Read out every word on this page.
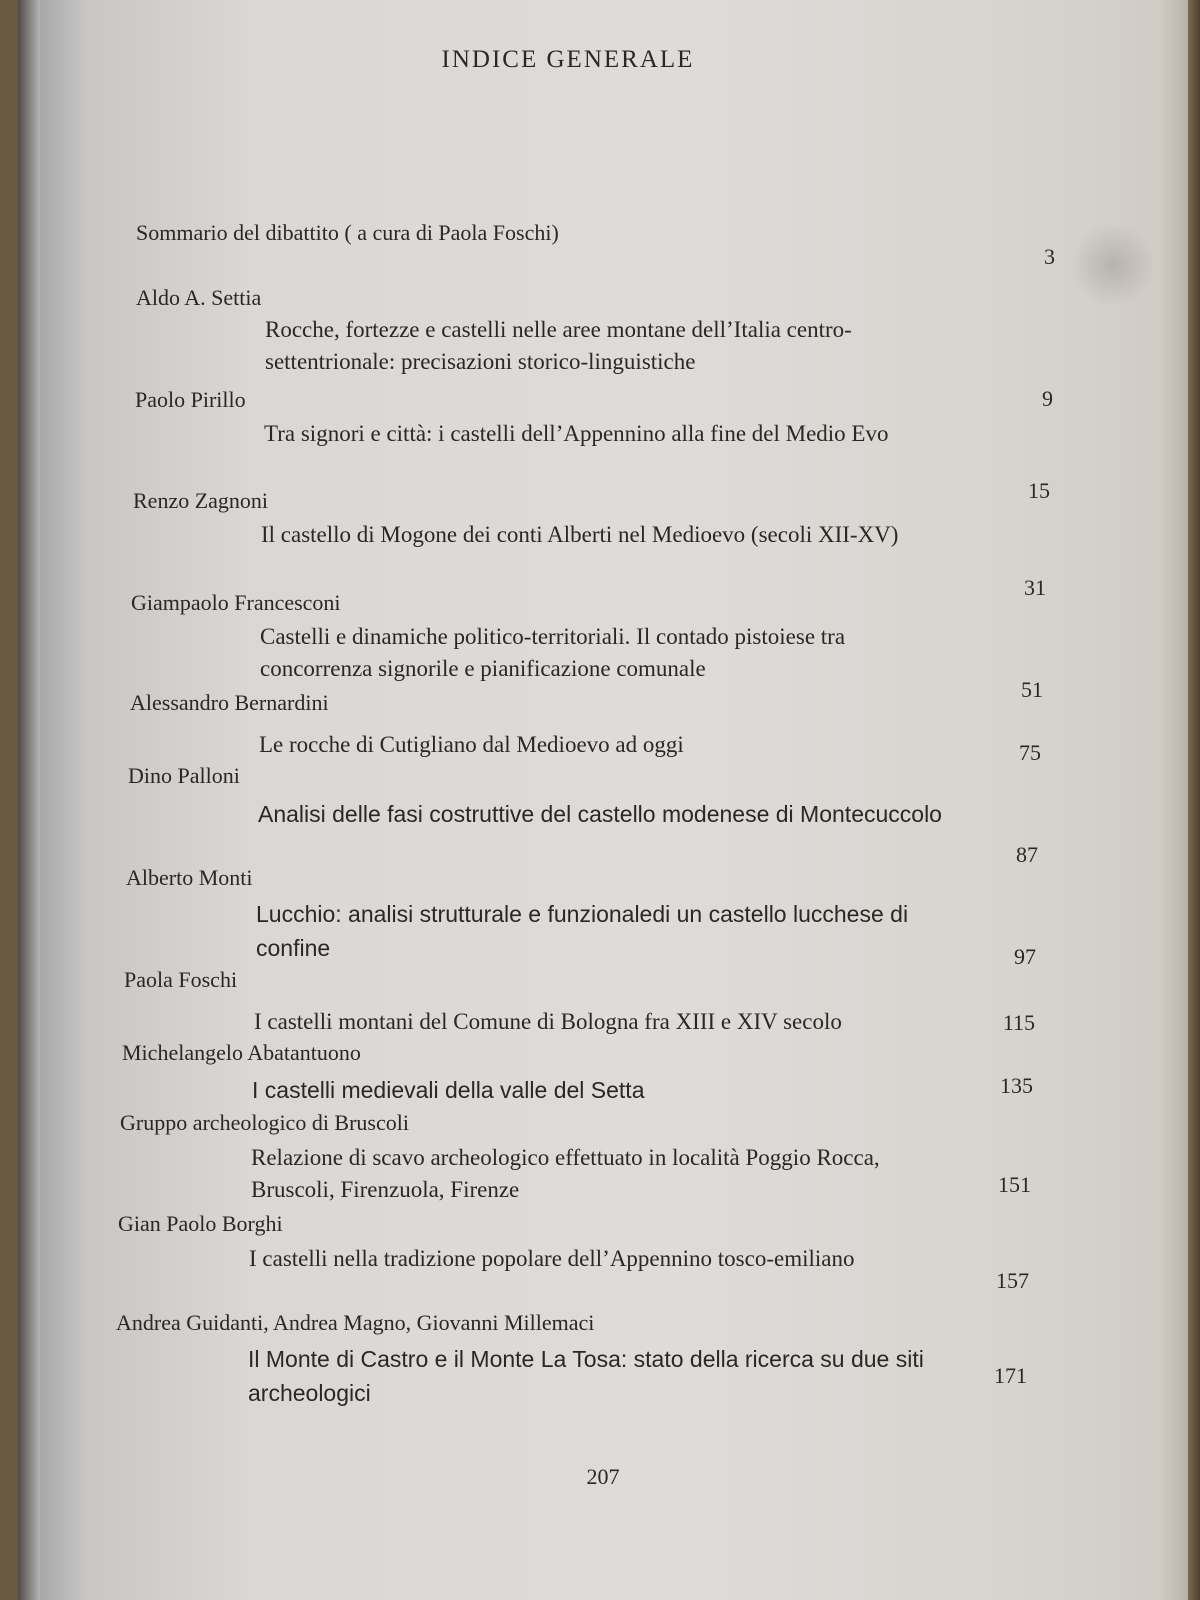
INDICE GENERALE
Sommario del dibattito ( a cura di Paola Foschi)
3
Aldo A. Settia
Rocche, fortezze e castelli nelle aree montane dell’Italia centro-settentrionale: precisazioni storico-linguistiche
9
Paolo Pirillo
Tra signori e città: i castelli dell’Appennino alla fine del Medio Evo
15
Renzo Zagnoni
Il castello di Mogone dei conti Alberti nel Medioevo (secoli XII-XV)
31
Giampaolo Francesconi
Castelli e dinamiche politico-territoriali. Il contado pistoiese tra concorrenza signorile e pianificazione comunale
51
Alessandro Bernardini
Le rocche di Cutigliano dal Medioevo ad oggi	75
Dino Palloni
Analisi delle fasi costruttive del castello modenese di Montecuccolo
87
Alberto Monti
Lucchio: analisi strutturale e funzionaledi un castello lucchese di confine	97
Paola Foschi
I castelli montani del Comune di Bologna fra XIII e XIV secolo	115
Michelangelo Abatantuono
I castelli medievali della valle del Setta	135
Gruppo archeologico di Bruscoli
Relazione di scavo archeologico effettuato in località Poggio Rocca, Bruscoli, Firenzuola, Firenze	151
Gian Paolo Borghi
I castelli nella tradizione popolare dell’Appennino tosco-emiliano
157
Andrea Guidanti, Andrea Magno, Giovanni Millemaci
Il Monte di Castro e il Monte La Tosa: stato della ricerca su due siti archeologici
171
207
